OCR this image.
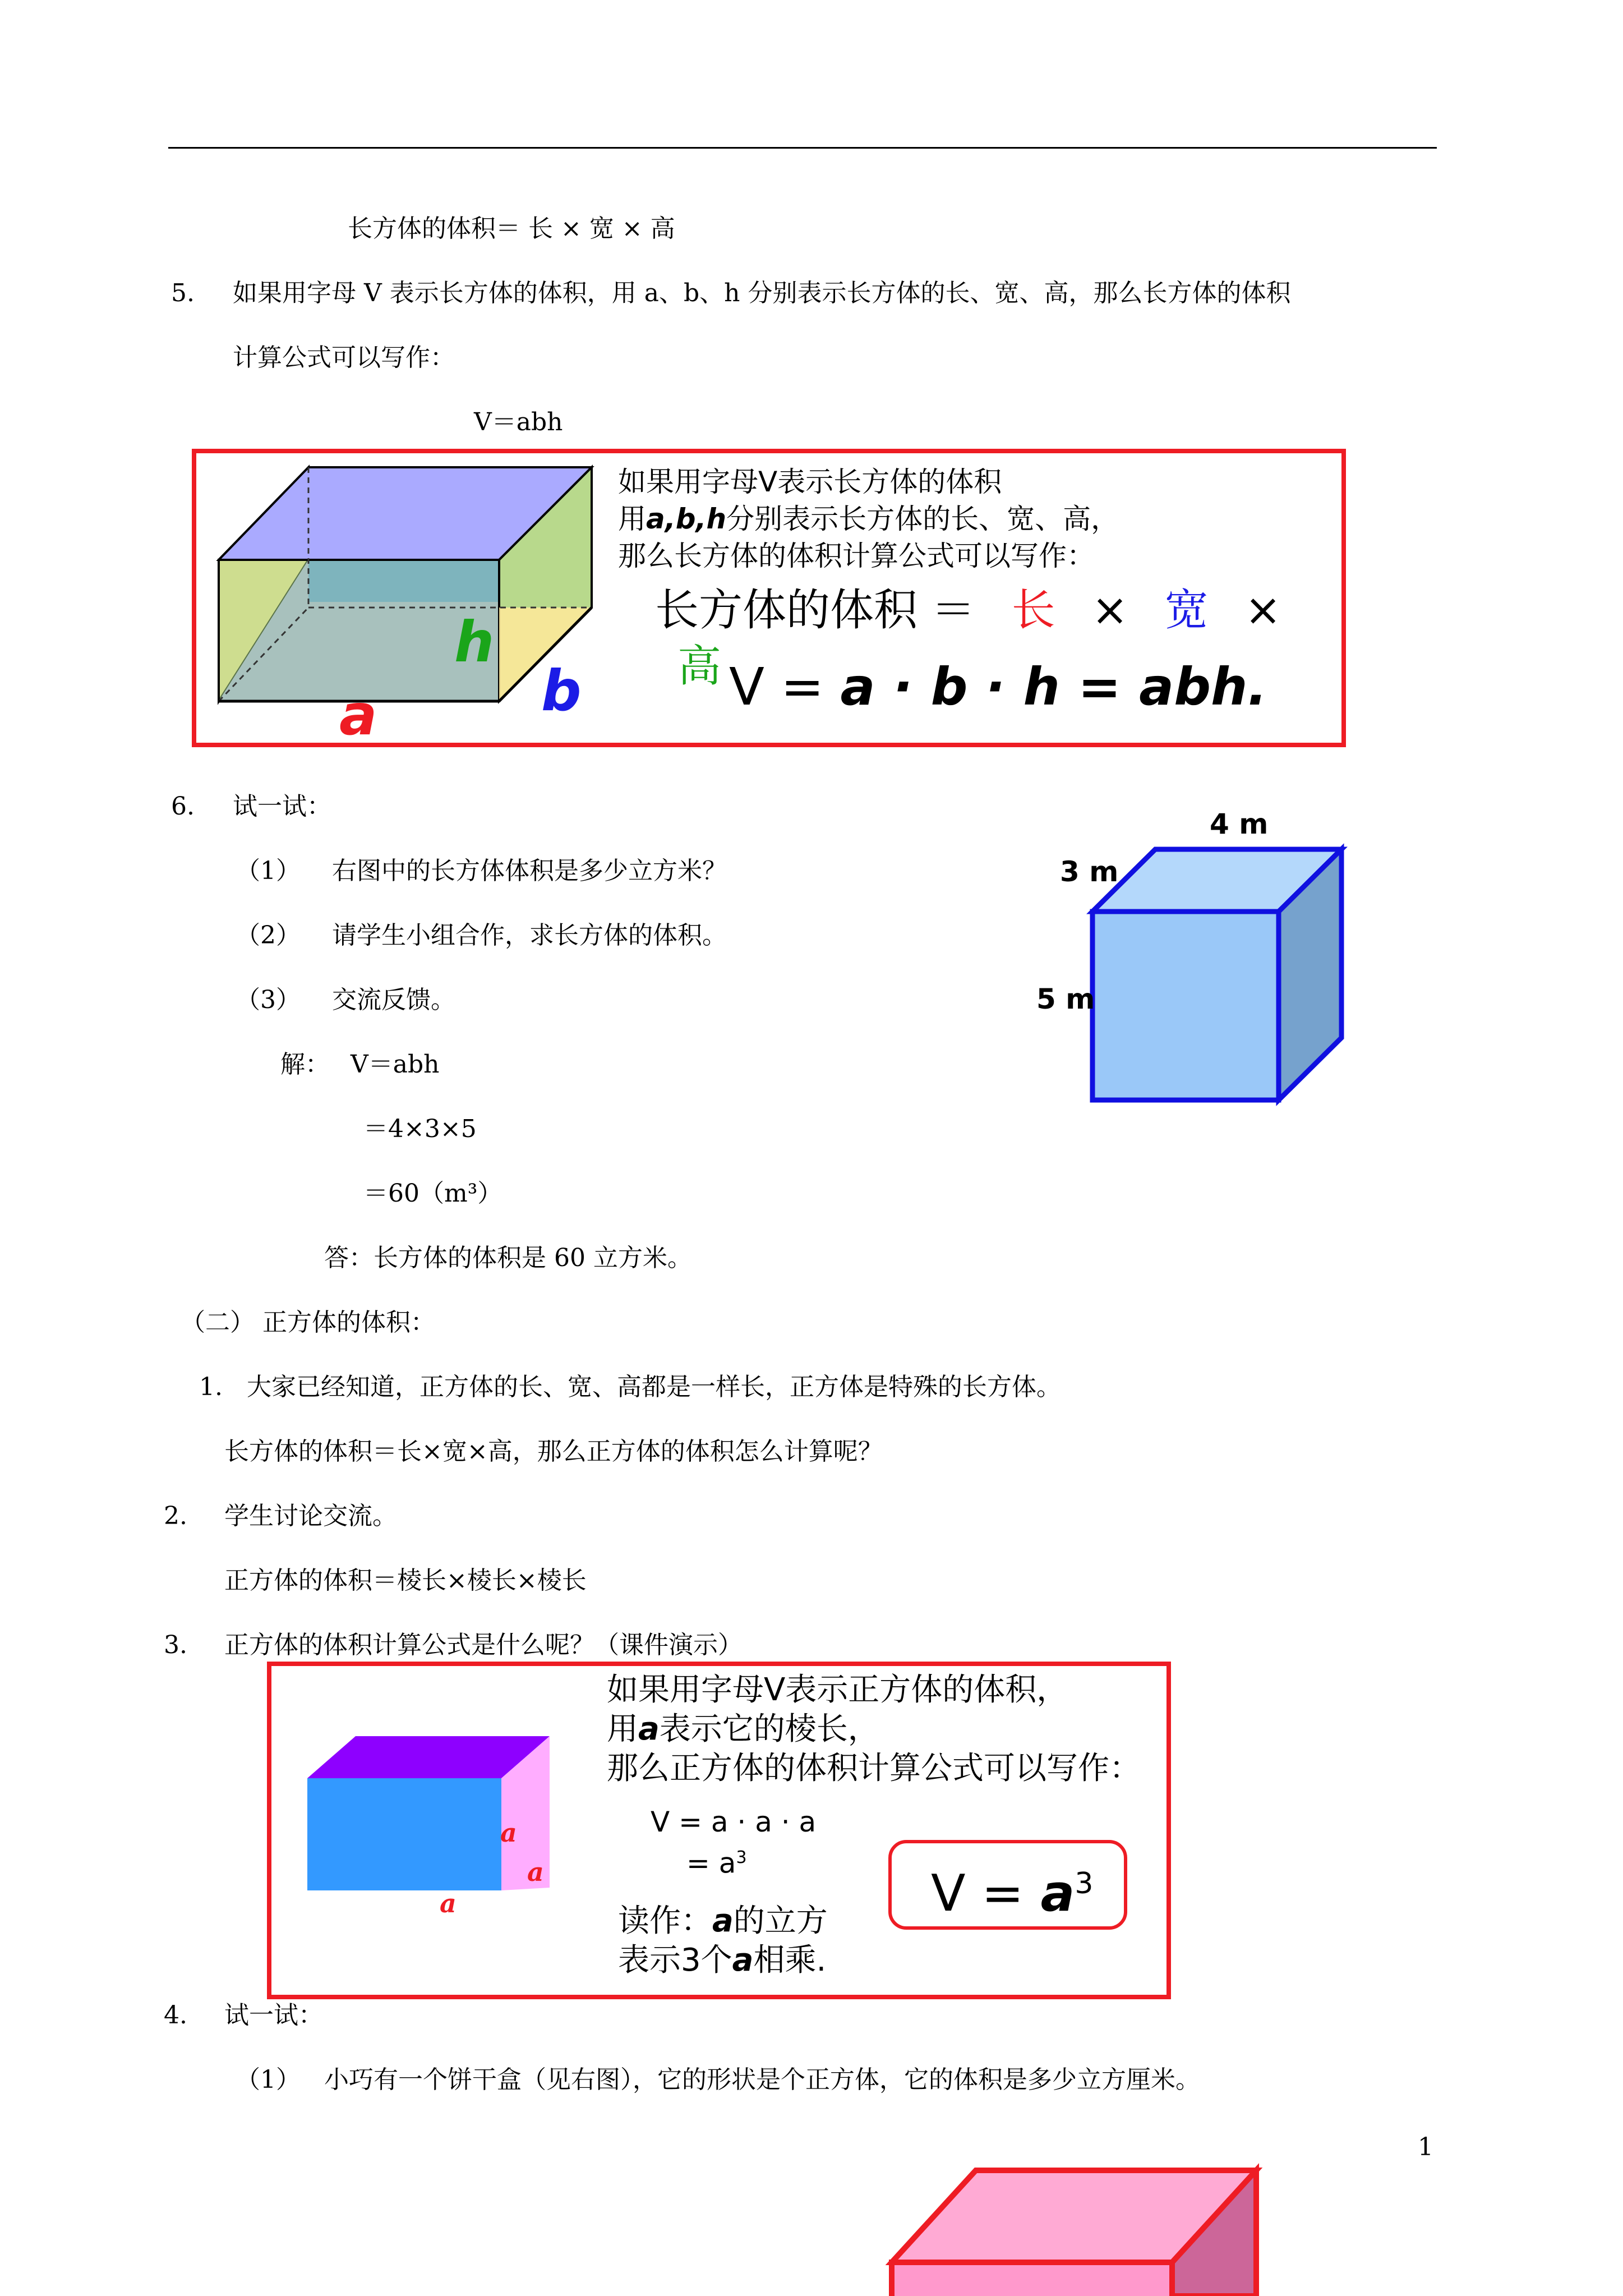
长方体的体积＝ 长 × 宽 × 高
5. 如果用字母 V 表示长方体的体积，用 a、b、h 分别表示长方体的长、宽、高，那么长方体的体积
计算公式可以写作：
V＝abh
h
b
a
如果用字母V表示长方体的体积
用a,b,h分别表示长方体的长、宽、高，
那么长方体的体积计算公式可以写作：
长方体的体积 ＝ 长 × 宽 × 高 V = a · b · h = abh.
6. 试一试：
（1） 右图中的长方体体积是多少立方米？
（2） 请学生小组合作，求长方体的体积。
（3） 交流反馈。
解： V＝abh
＝4×3×5
＝60（m³）
答：长方体的体积是 60 立方米。
4 m
3 m
5 m
（二） 正方体的体积：
1. 大家已经知道，正方体的长、宽、高都是一样长，正方体是特殊的长方体。
长方体的体积＝长×宽×高，那么正方体的体积怎么计算呢？
2. 学生讨论交流。
正方体的体积＝棱长×棱长×棱长
3. 正方体的体积计算公式是什么呢？（课件演示）
a
a
a
如果用字母V表示正方体的体积，
用a表示它的棱长，
那么正方体的体积计算公式可以写作：
V = a · a · a
= $a^3$
读作：a的立方
表示3个a相乘.
$V = a^3$
4. 试一试：
（1） 小巧有一个饼干盒（见右图），它的形状是个正方体，它的体积是多少立方厘米。
1
